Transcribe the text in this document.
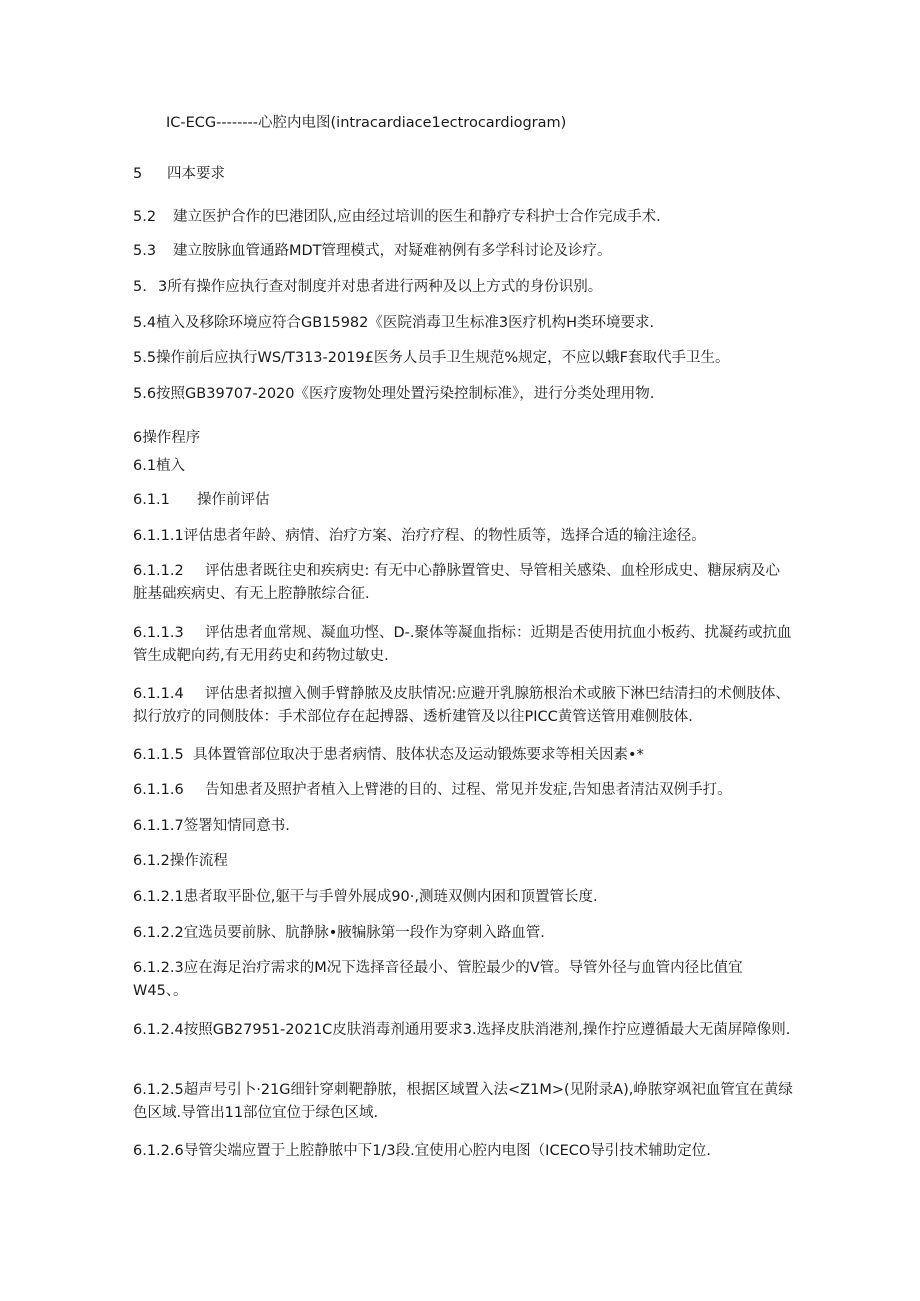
IC-ECG--------心腔内电图(intracardiace1ectrocardiogram)
5 四本要求
5.2 建立医护合作的巴港团队,应由经过培训的医生和静疗专科护士合作完成手术.
5.3 建立胺脉血管通路MDT管理模式，对疑难衲例有多学科讨论及诊疗。
5. 3所有操作应执行查对制度并对患者进行两种及以上方式的身份识别。
5.4植入及移除环境应符合GB15982《医院消毒卫生标准3医疗机构H类环境要求.
5.5操作前后应执行WS/T313-2019£医务人员手卫生规范%规定，不应以蛾F套取代手卫生。
5.6按照GB39707-2020《医疗废物处理处置污染控制标准》，进行分类处理用物.
6操作程序
6.1植入
6.1.1 操作前评估
6.1.1.1评估患者年龄、病情、治疗方案、治疗疗程、的物性质等，选择合适的输注途径。
6.1.1.2 评估患者既往史和疾病史: 有无中心静脉置管史、导管相关感染、血栓形成史、糖尿病及心脏基础疾病史、有无上腔静脓综合征.
6.1.1.3 评估患者血常规、凝血功悭、D-.聚体等凝血指标：近期是否使用抗血小板药、扰凝药或抗血管生成靶向药,有无用药史和药物过敏史.
6.1.1.4 评估患者拟擅入侧手臂静脓及皮肤情况:应避开乳腺筋根治术或腋下淋巴结清扫的术侧肢体、拟行放疗的同侧肢体：手术部位存在起搏器、透析建管及以往PICC黄管送管用难侧肢体.
6.1.1.5 具体置管部位取决于患者病情、肢体状态及运动锻炼要求等相关因素•*
6.1.1.6 告知患者及照护者植入上臂港的目的、过程、常见并发症,告知患者清沽双例手打。
6.1.1.7签署知情同意书.
6.1.2操作流程
6.1.2.1患者取平卧位,躯干与手曾外展成90·,测琏双侧内困和顶置管长度.
6.1.2.2宜选员要前脉、肮静脉•腋犏脉第一段作为穿刺入路血管.
6.1.2.3应在海足治疗需求的M况下选择音径最小、管腔最少的V管。导管外径与血管内径比值宜W45、。
6.1.2.4按照GB27951-2021C皮肤消毒剂通用要求3.选择皮肤消港剂,操作拧应遵循最大无菌屏障像则.
6.1.2.5超声号引卜·21G细针穿刺靶静脓，根据区域置入法<Z1M>(见附录A),峥脓穿飒祀血管宜在黄绿色区域.导管出11部位宜位于绿色区域.
6.1.2.6导管尖端应置于上腔静脓中下1/3段.宜使用心腔内电图（ICECO导引技术辅助定位.
